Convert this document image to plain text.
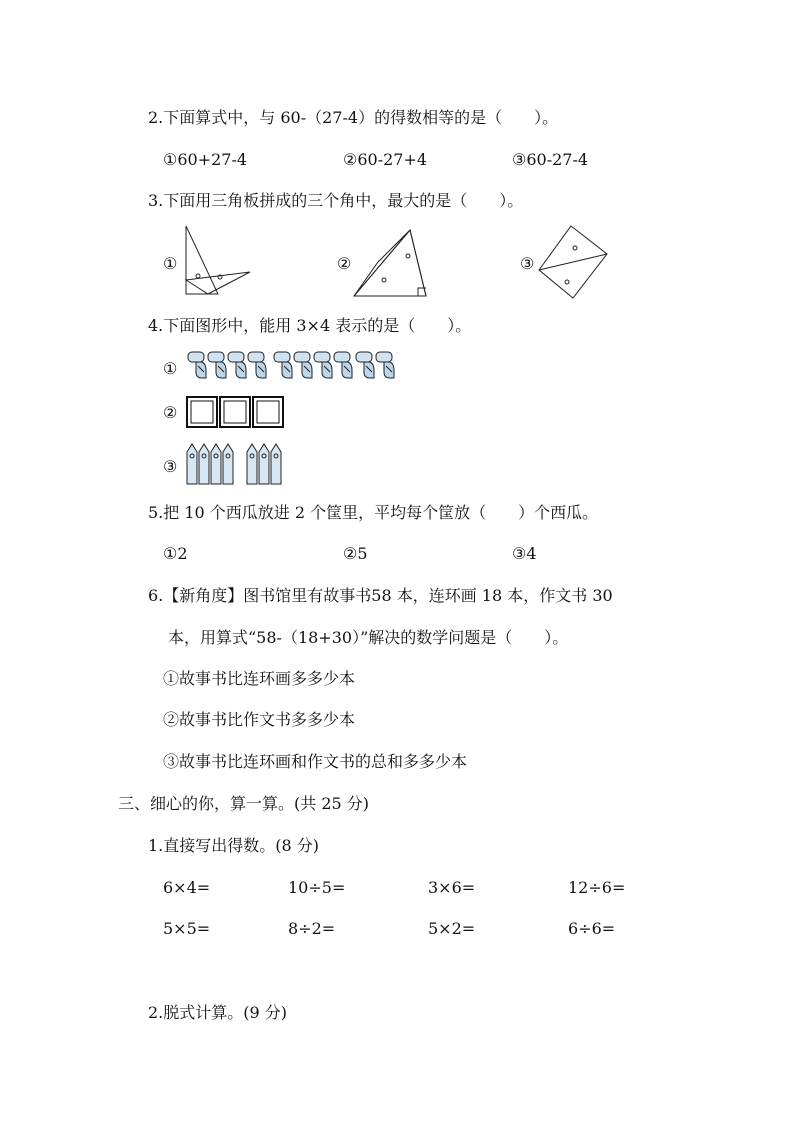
2.下面算式中，与 60-（27-4）的得数相等的是（　　）。
①60+27-4	②60-27+4	③60-27-4
3.下面用三角板拼成的三个角中，最大的是（　　）。
①	②	③
4.下面图形中，能用 3×4 表示的是（　　）。
①
②
③
5.把 10 个西瓜放进 2 个筐里，平均每个筐放（　　）个西瓜。
①2	②5	③4
6.【新角度】图书馆里有故事书58 本，连环画 18 本，作文书 30
本，用算式“58-（18+30）”解决的数学问题是（　　）。
①故事书比连环画多多少本
②故事书比作文书多多少本
③故事书比连环画和作文书的总和多多少本
三、细心的你，算一算。(共 25 分)
1.直接写出得数。(8 分)
6×4=	10÷5=	3×6=	12÷6=
5×5=	8÷2=	5×2=	6÷6=
2.脱式计算。(9 分)
